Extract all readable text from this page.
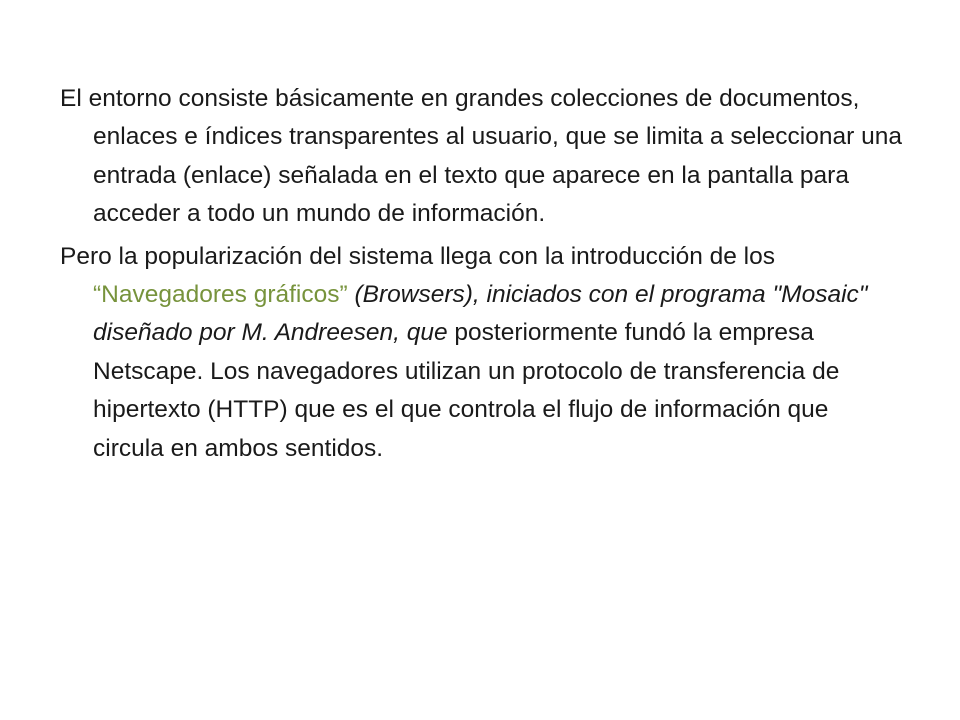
El entorno consiste básicamente en grandes colecciones de documentos, enlaces e índices transparentes al usuario, que se limita a seleccionar una entrada (enlace) señalada en el texto que aparece en la pantalla para acceder a todo un mundo de información.

Pero la popularización del sistema llega con la introducción de los “Navegadores gráficos” (Browsers), iniciados con el programa "Mosaic" diseñado por M. Andreesen, que posteriormente fundó la empresa Netscape. Los navegadores utilizan un protocolo de transferencia de hipertexto (HTTP) que es el que controla el flujo de información que circula en ambos sentidos.
